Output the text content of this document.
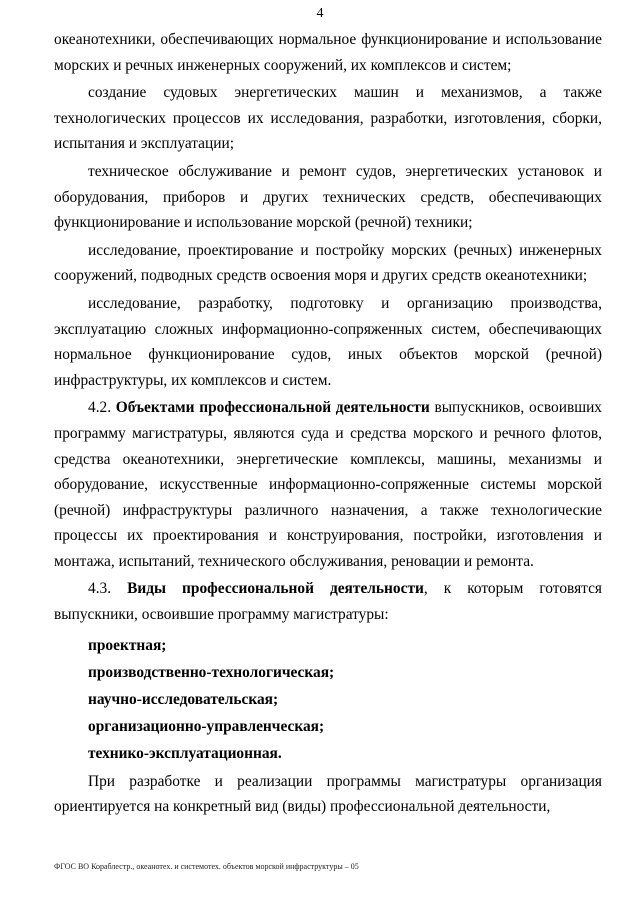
4

океанотехники, обеспечивающих нормальное функционирование и использование морских и речных инженерных сооружений, их комплексов и систем;

создание судовых энергетических машин и механизмов, а также технологических процессов их исследования, разработки, изготовления, сборки, испытания и эксплуатации;

техническое обслуживание и ремонт судов, энергетических установок и оборудования, приборов и других технических средств, обеспечивающих функционирование и использование морской (речной) техники;

исследование, проектирование и постройку морских (речных) инженерных сооружений, подводных средств освоения моря и других средств океанотехники;

исследование, разработку, подготовку и организацию производства, эксплуатацию сложных информационно-сопряженных систем, обеспечивающих нормальное функционирование судов, иных объектов морской (речной) инфраструктуры, их комплексов и систем.

4.2. Объектами профессиональной деятельности выпускников, освоивших программу магистратуры, являются суда и средства морского и речного флотов, средства океанотехники, энергетические комплексы, машины, механизмы и оборудование, искусственные информационно-сопряженные системы морской (речной) инфраструктуры различного назначения, а также технологические процессы их проектирования и конструирования, постройки, изготовления и монтажа, испытаний, технического обслуживания, реновации и ремонта.

4.3. Виды профессиональной деятельности, к которым готовятся выпускники, освоившие программу магистратуры:

проектная;
производственно-технологическая;
научно-исследовательская;
организационно-управленческая;
технико-эксплуатационная.

При разработке и реализации программы магистратуры организация ориентируется на конкретный вид (виды) профессиональной деятельности,

ФГОС ВО Кораблестр., океанотех. и системотех. объектов морской инфраструктуры – 05
